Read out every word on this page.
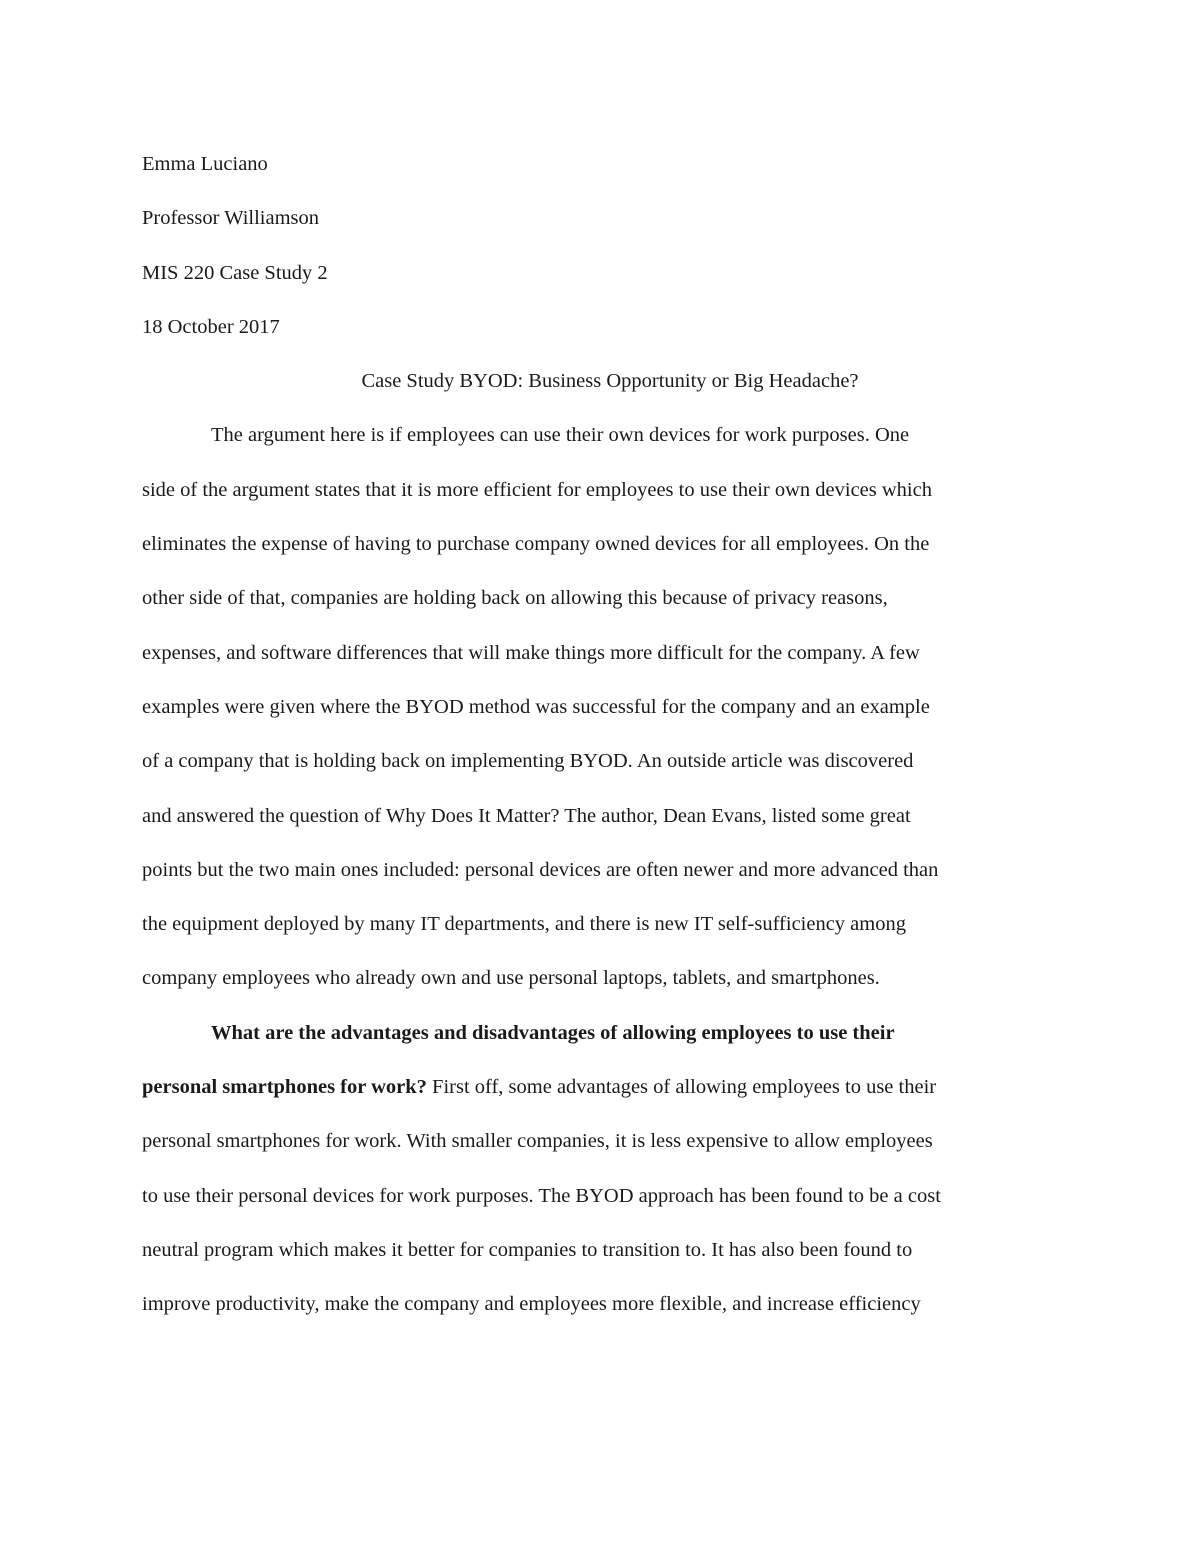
Emma Luciano

Professor Williamson

MIS 220 Case Study 2

18 October 2017

Case Study BYOD: Business Opportunity or Big Headache?

The argument here is if employees can use their own devices for work purposes. One
side of the argument states that it is more efficient for employees to use their own devices which
eliminates the expense of having to purchase company owned devices for all employees. On the
other side of that, companies are holding back on allowing this because of privacy reasons,
expenses, and software differences that will make things more difficult for the company. A few
examples were given where the BYOD method was successful for the company and an example
of a company that is holding back on implementing BYOD. An outside article was discovered
and answered the question of Why Does It Matter? The author, Dean Evans, listed some great
points but the two main ones included: personal devices are often newer and more advanced than
the equipment deployed by many IT departments, and there is new IT self-sufficiency among
company employees who already own and use personal laptops, tablets, and smartphones.

What are the advantages and disadvantages of allowing employees to use their
personal smartphones for work? First off, some advantages of allowing employees to use their
personal smartphones for work. With smaller companies, it is less expensive to allow employees
to use their personal devices for work purposes. The BYOD approach has been found to be a cost
neutral program which makes it better for companies to transition to. It has also been found to
improve productivity, make the company and employees more flexible, and increase efficiency
